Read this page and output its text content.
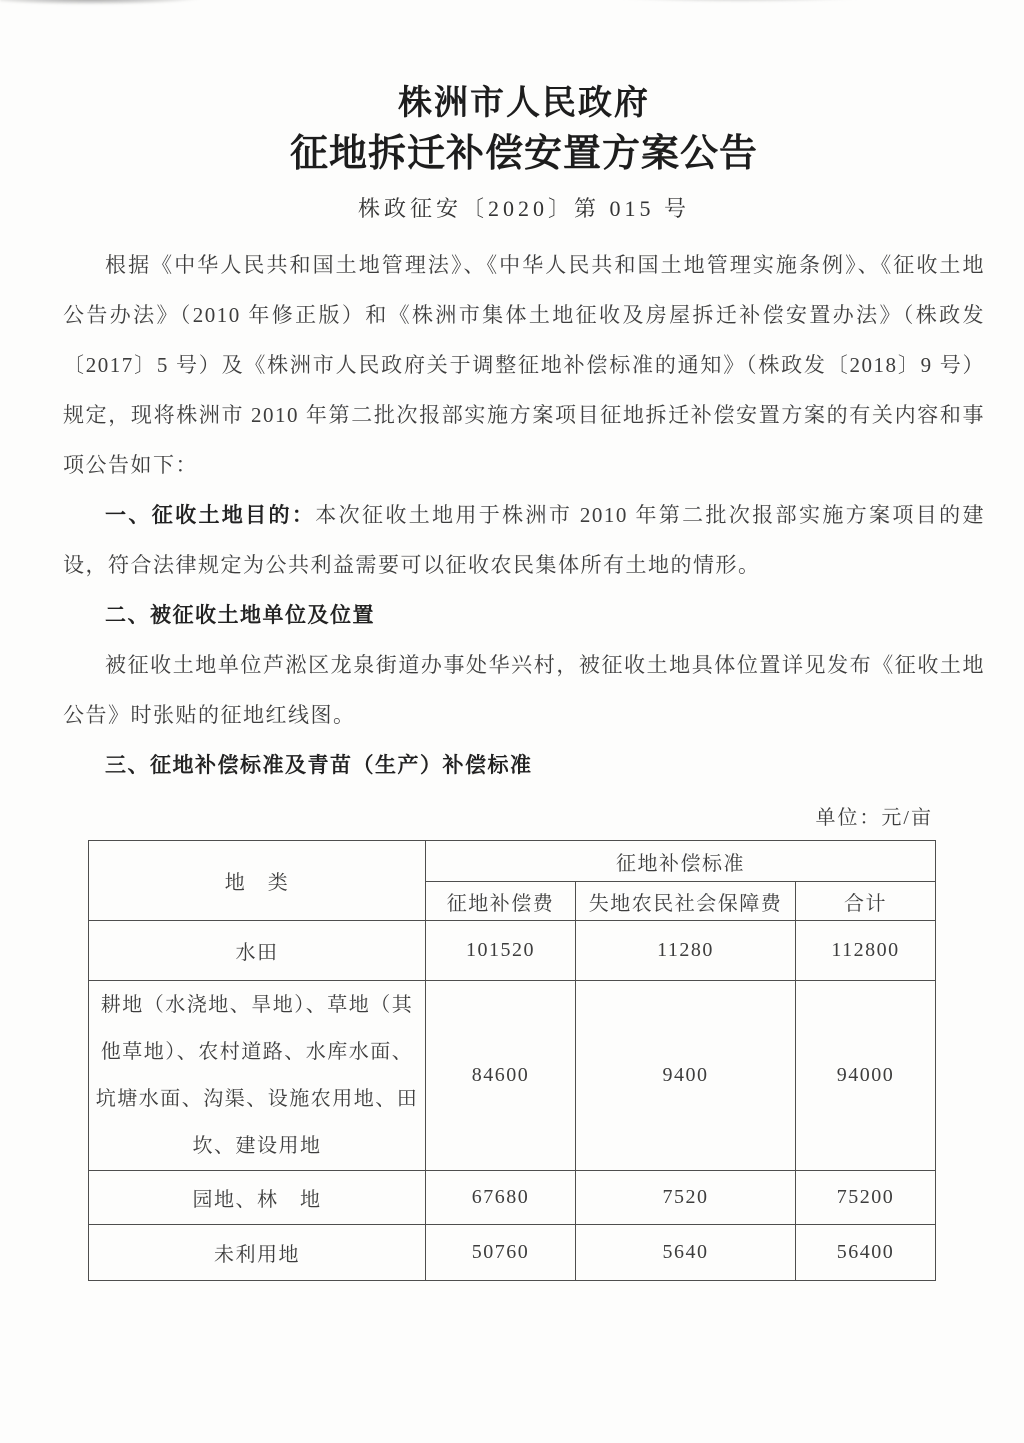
株洲市人民政府
征地拆迁补偿安置方案公告
株政征安〔2020〕第 015 号

根据《中华人民共和国土地管理法》、《中华人民共和国土地管理实施条例》、《征收土地公告办法》（2010 年修正版）和《株洲市集体土地征收及房屋拆迁补偿安置办法》（株政发〔2017〕5 号）及《株洲市人民政府关于调整征地补偿标准的通知》（株政发〔2018〕9 号）规定，现将株洲市 2010 年第二批次报部实施方案项目征地拆迁补偿安置方案的有关内容和事项公告如下：

一、征收土地目的：本次征收土地用于株洲市 2010 年第二批次报部实施方案项目的建设，符合法律规定为公共利益需要可以征收农民集体所有土地的情形。

二、被征收土地单位及位置

被征收土地单位芦淞区龙泉街道办事处华兴村，被征收土地具体位置详见发布《征收土地公告》时张贴的征地红线图。

三、征地补偿标准及青苗（生产）补偿标准

单位：元/亩
地　类	征地补偿标准		
	征地补偿费	失地农民社会保障费	合计
水田	101520	11280	112800
耕地（水浇地、旱地）、草地（其他草地）、农村道路、水库水面、坑塘水面、沟渠、设施农用地、田坎、建设用地	84600	9400	94000
园地、林　地	67680	7520	75200
未利用地	50760	5640	56400
